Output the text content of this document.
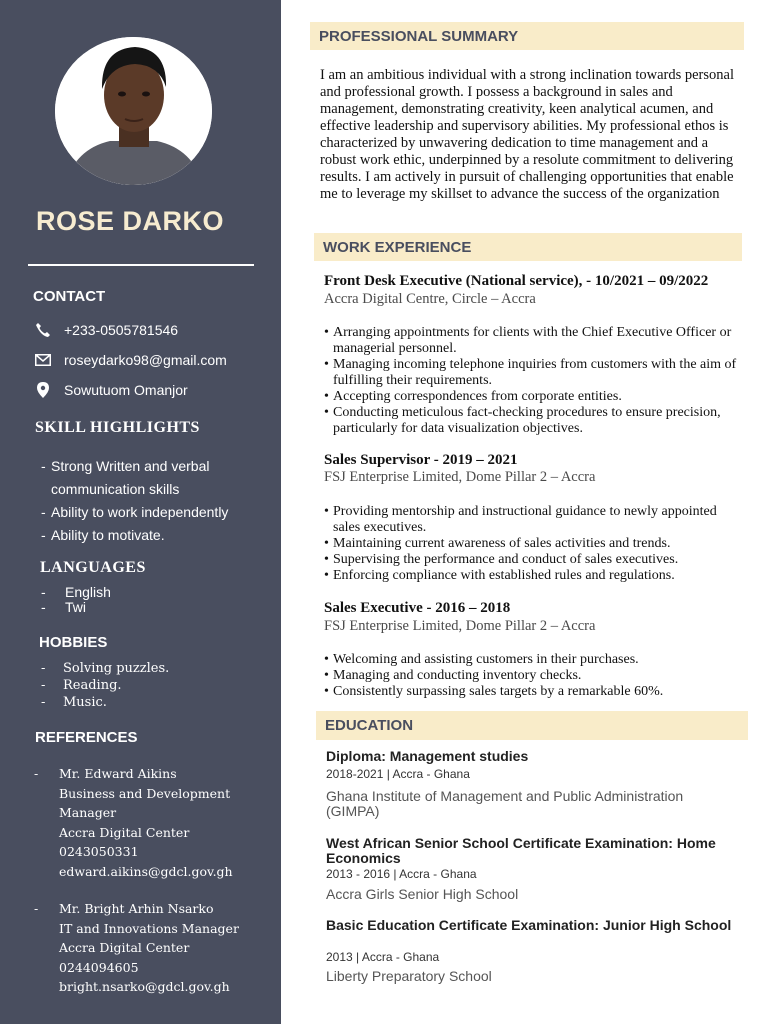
ROSE DARKO
CONTACT
+233-0505781546
roseydarko98@gmail.com
Sowutuom Omanjor
SKILL HIGHLIGHTS
- Strong Written and verbal communication skills
- Ability to work independently
- Ability to motivate.
LANGUAGES
-	English
-	Twi
HOBBIES
-	Solving puzzles.
-	Reading.
-	Music.
REFERENCES
- Mr. Edward Aikins
Business and Development Manager
Accra Digital Center
0243050331
edward.aikins@gdcl.gov.gh
- Mr. Bright Arhin Nsarko
IT and Innovations Manager
Accra Digital Center
0244094605
bright.nsarko@gdcl.gov.gh
PROFESSIONAL SUMMARY
I am an ambitious individual with a strong inclination towards personal and professional growth. I possess a background in sales and management, demonstrating creativity, keen analytical acumen, and effective leadership and supervisory abilities. My professional ethos is characterized by unwavering dedication to time management and a robust work ethic, underpinned by a resolute commitment to delivering results. I am actively in pursuit of challenging opportunities that enable me to leverage my skillset to advance the success of the organization
WORK EXPERIENCE
Front Desk Executive (National service), - 10/2021 – 09/2022
Accra Digital Centre, Circle – Accra
• Arranging appointments for clients with the Chief Executive Officer or managerial personnel.
• Managing incoming telephone inquiries from customers with the aim of fulfilling their requirements.
• Accepting correspondences from corporate entities.
• Conducting meticulous fact-checking procedures to ensure precision, particularly for data visualization objectives.
Sales Supervisor - 2019 – 2021
FSJ Enterprise Limited, Dome Pillar 2 – Accra
• Providing mentorship and instructional guidance to newly appointed sales executives.
• Maintaining current awareness of sales activities and trends.
• Supervising the performance and conduct of sales executives.
• Enforcing compliance with established rules and regulations.
Sales Executive - 2016 – 2018
FSJ Enterprise Limited, Dome Pillar 2 – Accra
• Welcoming and assisting customers in their purchases.
• Managing and conducting inventory checks.
• Consistently surpassing sales targets by a remarkable 60%.
EDUCATION
Diploma: Management studies
2018-2021 | Accra - Ghana
Ghana Institute of Management and Public Administration (GIMPA)
West African Senior School Certificate Examination: Home Economics
2013 - 2016 | Accra - Ghana
Accra Girls Senior High School
Basic Education Certificate Examination: Junior High School
2013 | Accra - Ghana
Liberty Preparatory School
